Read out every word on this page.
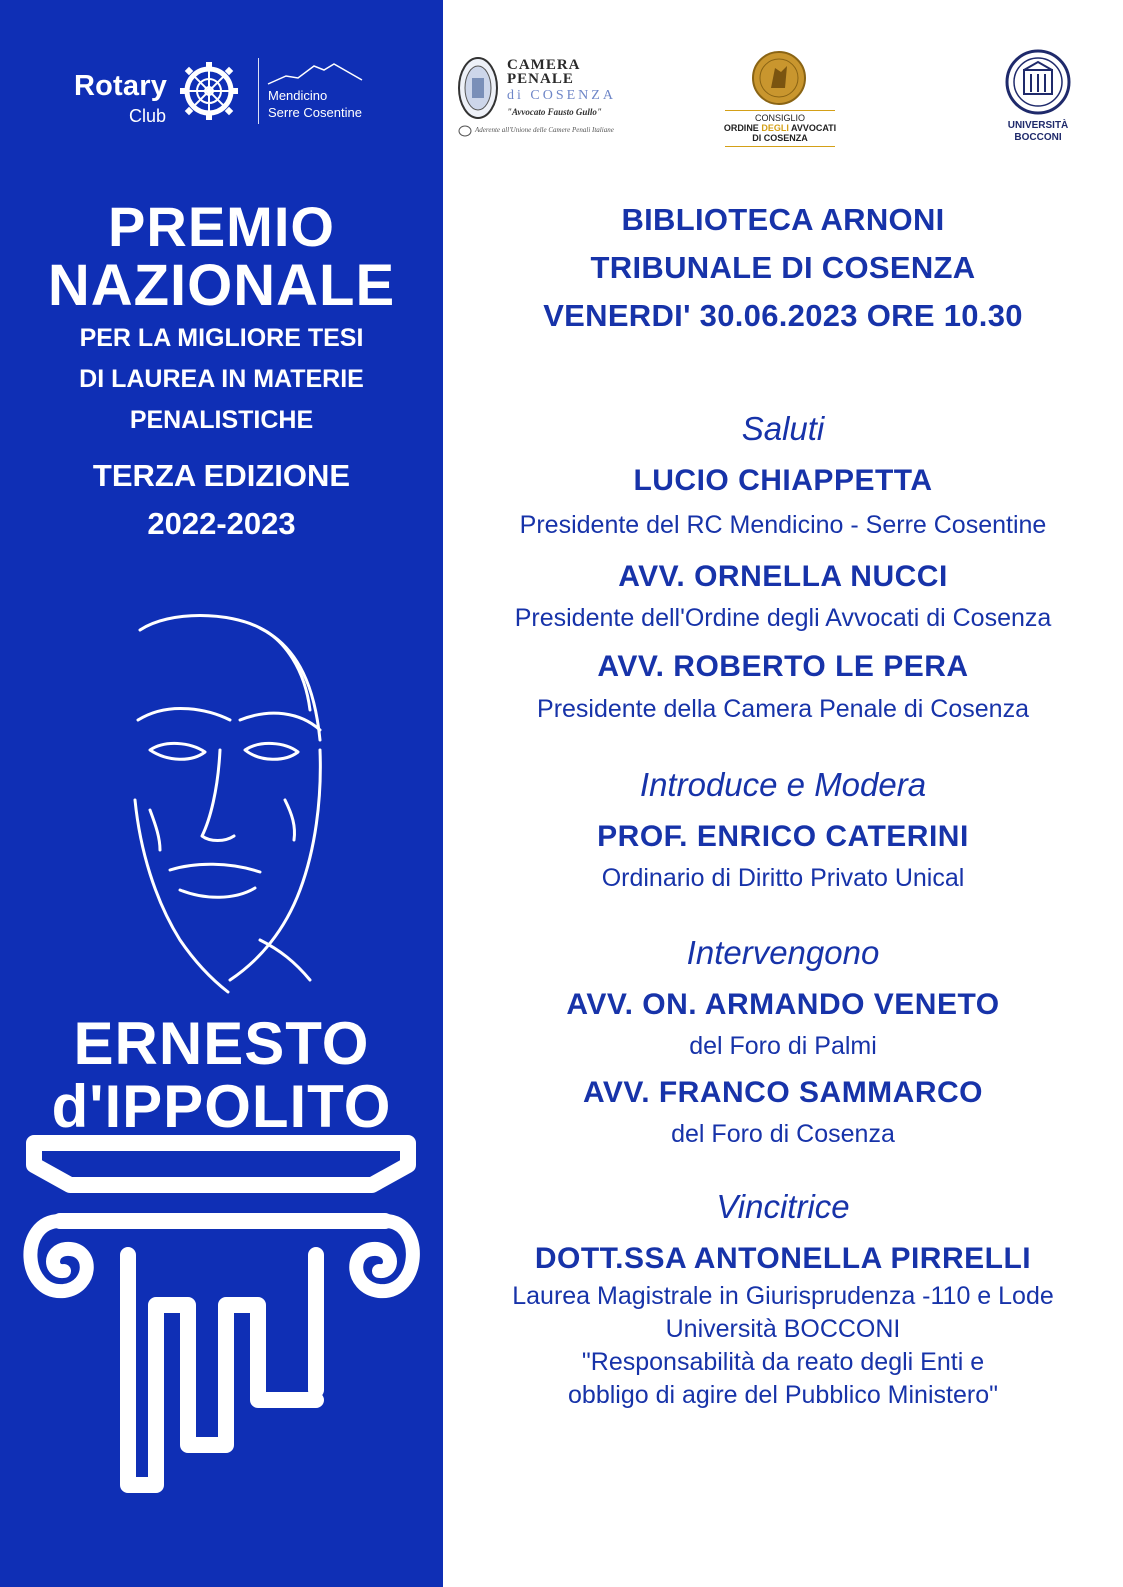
Rotary
Club
Mendicino
Serre Cosentine
PREMIO
NAZIONALE
PER LA MIGLIORE TESI
DI LAUREA IN MATERIE
PENALISTICHE
TERZA EDIZIONE
2022-2023
ERNESTO
d'IPPOLITO
CAMERA
PENALE
di COSENZA
"Avvocato Fausto Gullo"
Aderente all'Unione delle Camere Penali Italiane
CONSIGLIO
ORDINE DEGLI AVVOCATI
DI COSENZA
UNIVERSITÀ
BOCCONI
BIBLIOTECA ARNONI
TRIBUNALE DI COSENZA
VENERDI' 30.06.2023 ORE 10.30
Saluti
LUCIO CHIAPPETTA
Presidente del RC Mendicino - Serre Cosentine
AVV. ORNELLA NUCCI
Presidente dell'Ordine degli Avvocati di Cosenza
AVV. ROBERTO LE PERA
Presidente della Camera Penale di Cosenza
Introduce e Modera
PROF. ENRICO CATERINI
Ordinario di Diritto Privato Unical
Intervengono
AVV. ON. ARMANDO VENETO
del Foro di Palmi
AVV. FRANCO SAMMARCO
del Foro di Cosenza
Vincitrice
DOTT.SSA ANTONELLA PIRRELLI
Laurea Magistrale in Giurisprudenza -110 e Lode
Università BOCCONI
"Responsabilità da reato degli Enti e
obbligo di agire del Pubblico Ministero"
